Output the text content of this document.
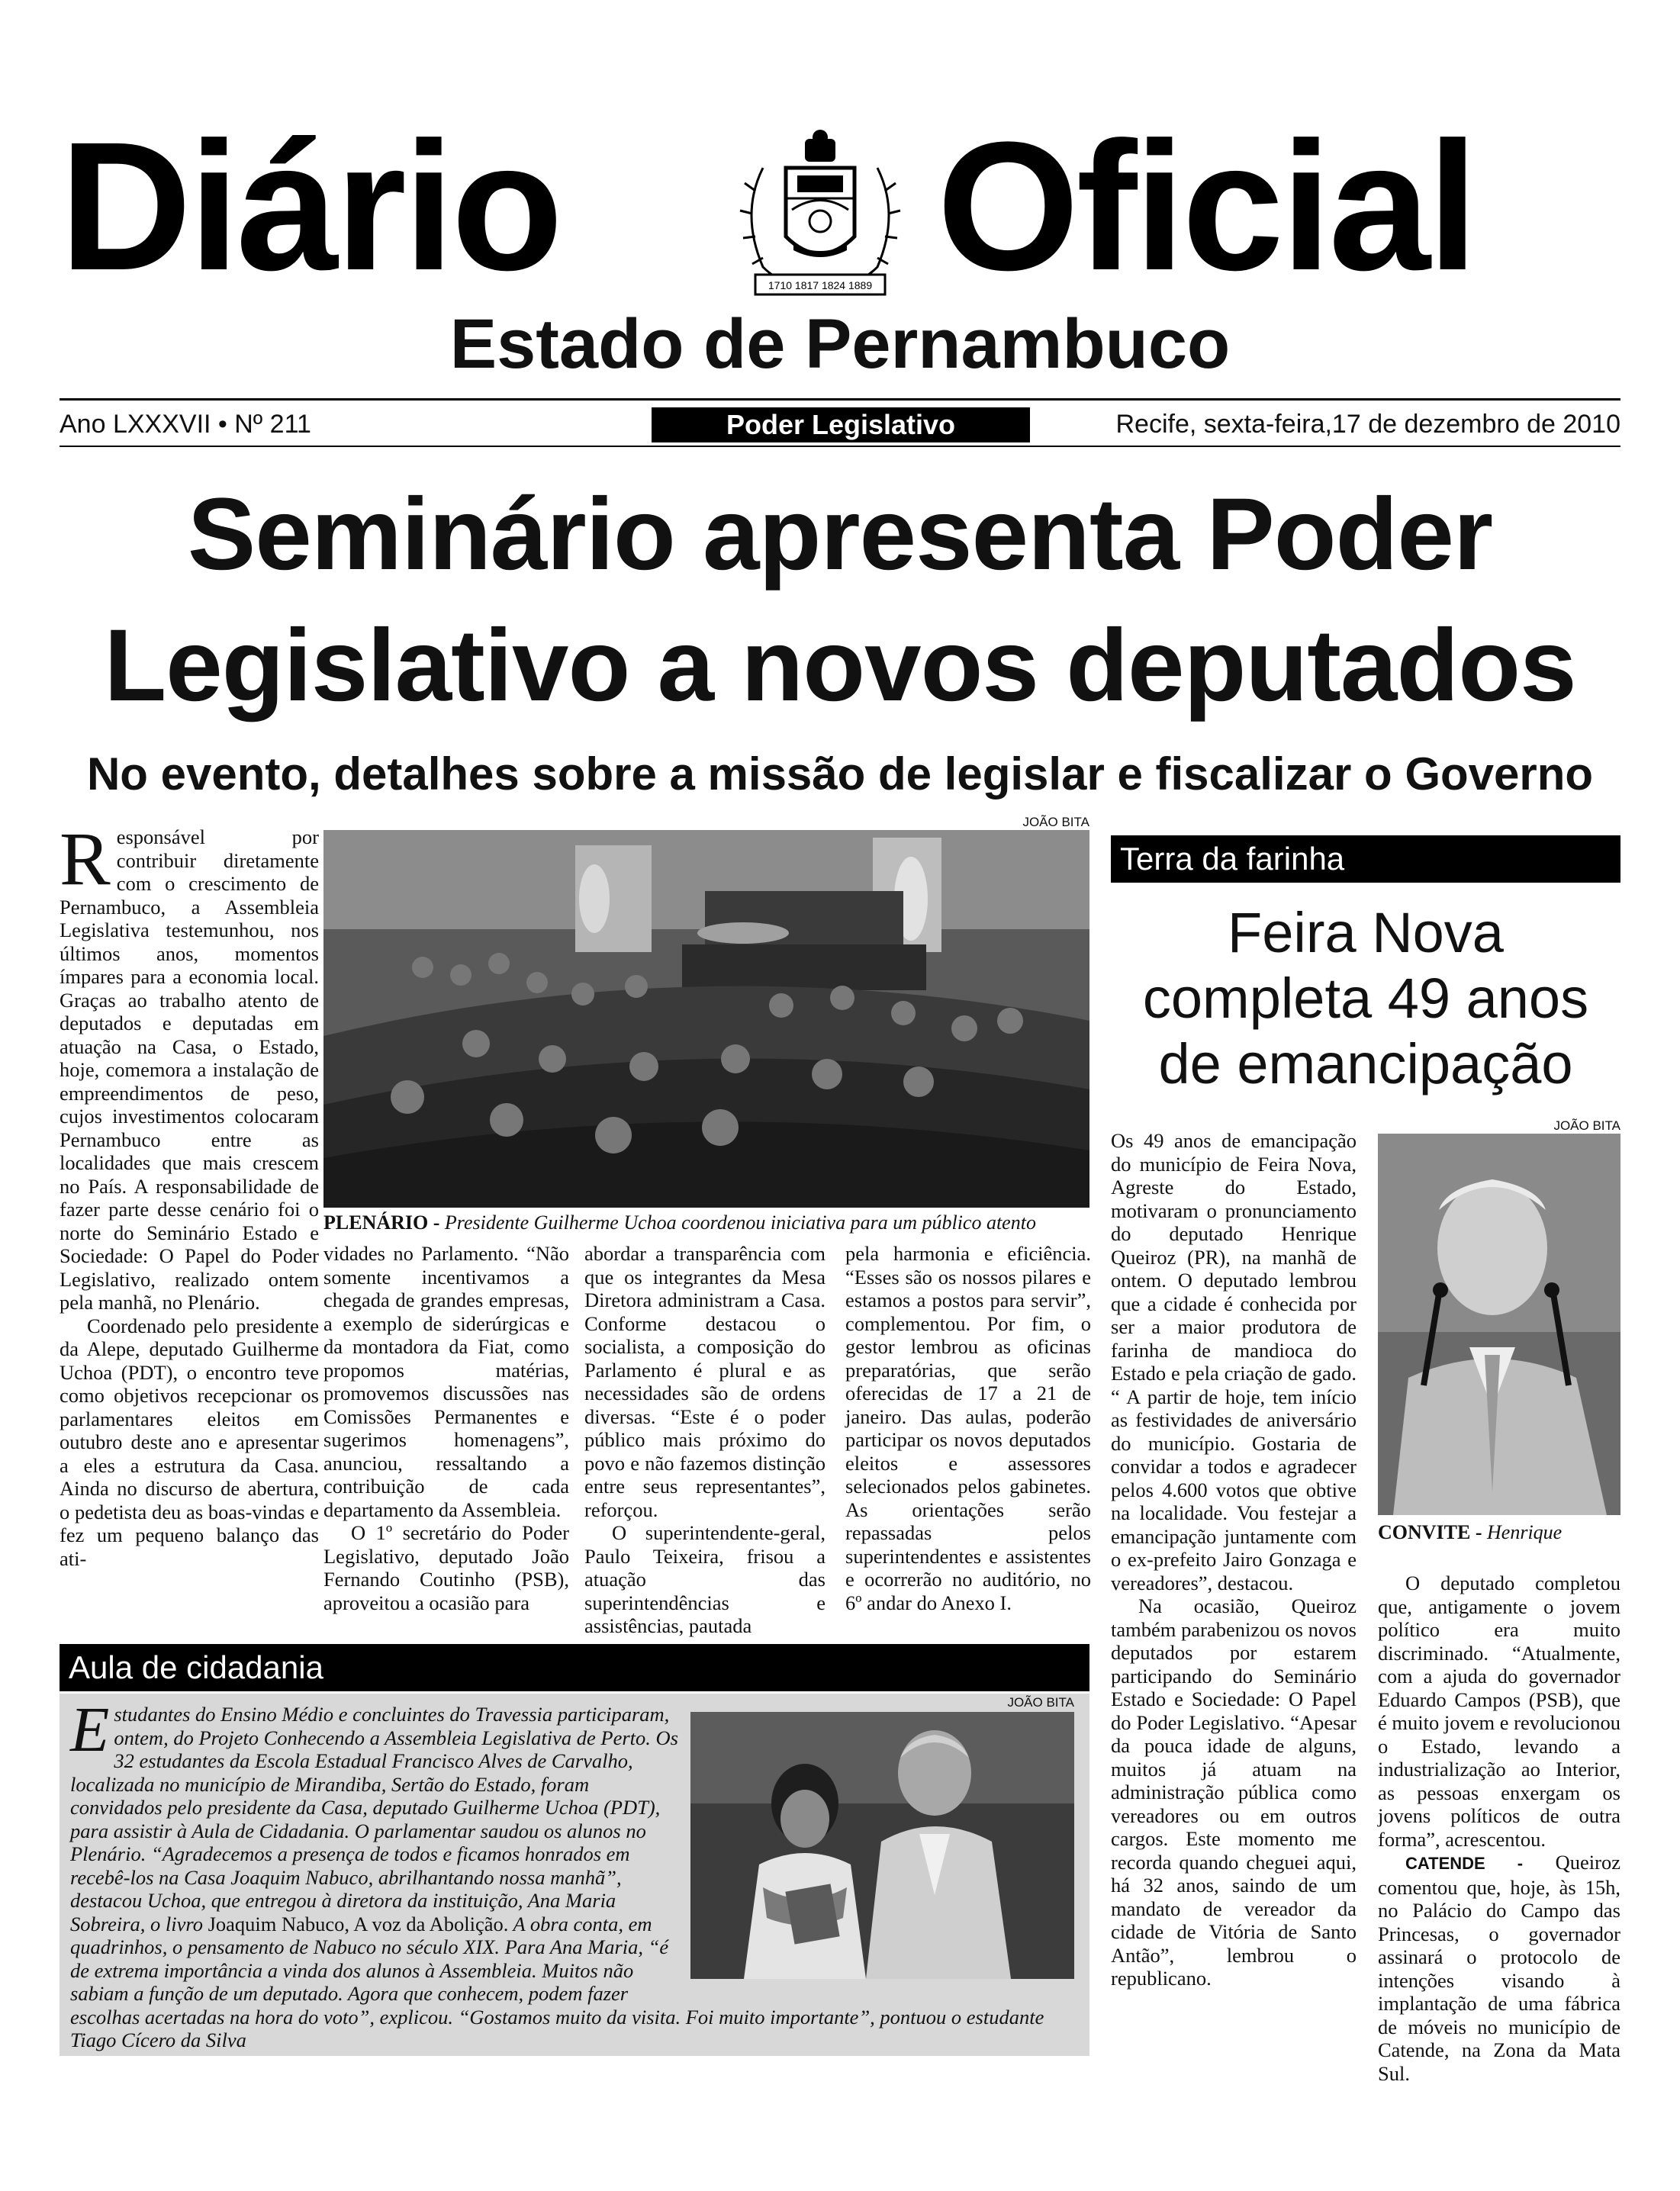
Diário Oficial
1710 1817 1824 1889
Estado de Pernambuco
Ano LXXXVII • Nº 211	Poder Legislativo	Recife, sexta-feira,17 de dezembro de 2010
Seminário apresenta Poder
Legislativo a novos deputados
No evento, detalhes sobre a missão de legislar e fiscalizar o Governo

Responsável por contribuir diretamente com o crescimento de Pernambuco, a Assembleia Legislativa testemunhou, nos últimos anos, momentos ímpares para a economia local. Graças ao trabalho atento de deputados e deputadas em atuação na Casa, o Estado, hoje, comemora a instalação de empreendimentos de peso, cujos investimentos colocaram Pernambuco entre as localidades que mais crescem no País. A responsabilidade de fazer parte desse cenário foi o norte do Seminário Estado e Sociedade: O Papel do Poder Legislativo, realizado ontem pela manhã, no Plenário.

Coordenado pelo presidente da Alepe, deputado Guilherme Uchoa (PDT), o encontro teve como objetivos recepcionar os parlamentares eleitos em outubro deste ano e apresentar a eles a estrutura da Casa. Ainda no discurso de abertura, o pedetista deu as boas-vindas e fez um pequeno balanço das ati-

JOÃO BITA
PLENÁRIO - Presidente Guilherme Uchoa coordenou iniciativa para um público atento

vidades no Parlamento. “Não somente incentivamos a chegada de grandes empresas, a exemplo de siderúrgicas e da montadora da Fiat, como propomos matérias, promovemos discussões nas Comissões Permanentes e sugerimos homenagens”, anunciou, ressaltando a contribuição de cada departamento da Assembleia.

O 1º secretário do Poder Legislativo, deputado João Fernando Coutinho (PSB), aproveitou a ocasião para

abordar a transparência com que os integrantes da Mesa Diretora administram a Casa. Conforme destacou o socialista, a composição do Parlamento é plural e as necessidades são de ordens diversas. “Este é o poder público mais próximo do povo e não fazemos distinção entre seus representantes”, reforçou.

O superintendente-geral, Paulo Teixeira, frisou a atuação das superintendências e assistências, pautada

pela harmonia e eficiência. “Esses são os nossos pilares e estamos a postos para servir”, complementou. Por fim, o gestor lembrou as oficinas preparatórias, que serão oferecidas de 17 a 21 de janeiro. Das aulas, poderão participar os novos deputados eleitos e assessores selecionados pelos gabinetes. As orientações serão repassadas pelos superintendentes e assistentes e ocorrerão no auditório, no 6º andar do Anexo I.

Terra da farinha
Feira Nova completa 49 anos de emancipação

Os 49 anos de emancipação do município de Feira Nova, Agreste do Estado, motivaram o pronunciamento do deputado Henrique Queiroz (PR), na manhã de ontem. O deputado lembrou que a cidade é conhecida por ser a maior produtora de farinha de mandioca do Estado e pela criação de gado. “ A partir de hoje, tem início as festividades de aniversário do município. Gostaria de convidar a todos e agradecer pelos 4.600 votos que obtive na localidade. Vou festejar a emancipação juntamente com o ex-prefeito Jairo Gonzaga e vereadores”, destacou.

Na ocasião, Queiroz também parabenizou os novos deputados por estarem participando do Seminário Estado e Sociedade: O Papel do Poder Legislativo. “Apesar da pouca idade de alguns, muitos já atuam na administração pública como vereadores ou em outros cargos. Este momento me recorda quando cheguei aqui, há 32 anos, saindo de um mandato de vereador da cidade de Vitória de Santo Antão”, lembrou o republicano.

JOÃO BITA
CONVITE - Henrique

O deputado completou que, antigamente o jovem político era muito discriminado. “Atualmente, com a ajuda do governador Eduardo Campos (PSB), que é muito jovem e revolucionou o Estado, levando a industrialização ao Interior, as pessoas enxergam os jovens políticos de outra forma”, acrescentou.

CATENDE - Queiroz comentou que, hoje, às 15h, no Palácio do Campo das Princesas, o governador assinará o protocolo de intenções visando à implantação de uma fábrica de móveis no município de Catende, na Zona da Mata Sul.

Aula de cidadania
JOÃO BITA
Estudantes do Ensino Médio e concluintes do Travessia participaram, ontem, do Projeto Conhecendo a Assembleia Legislativa de Perto. Os 32 estudantes da Escola Estadual Francisco Alves de Carvalho, localizada no município de Mirandiba, Sertão do Estado, foram convidados pelo presidente da Casa, deputado Guilherme Uchoa (PDT), para assistir à Aula de Cidadania. O parlamentar saudou os alunos no Plenário. “Agradecemos a presença de todos e ficamos honrados em recebê-los na Casa Joaquim Nabuco, abrilhantando nossa manhã”, destacou Uchoa, que entregou à diretora da instituição, Ana Maria Sobreira, o livro Joaquim Nabuco, A voz da Abolição. A obra conta, em quadrinhos, o pensamento de Nabuco no século XIX. Para Ana Maria, “é de extrema importância a vinda dos alunos à Assembleia. Muitos não sabiam a função de um deputado. Agora que conhecem, podem fazer escolhas acertadas na hora do voto”, explicou. “Gostamos muito da visita. Foi muito importante”, pontuou o estudante Tiago Cícero da Silva
